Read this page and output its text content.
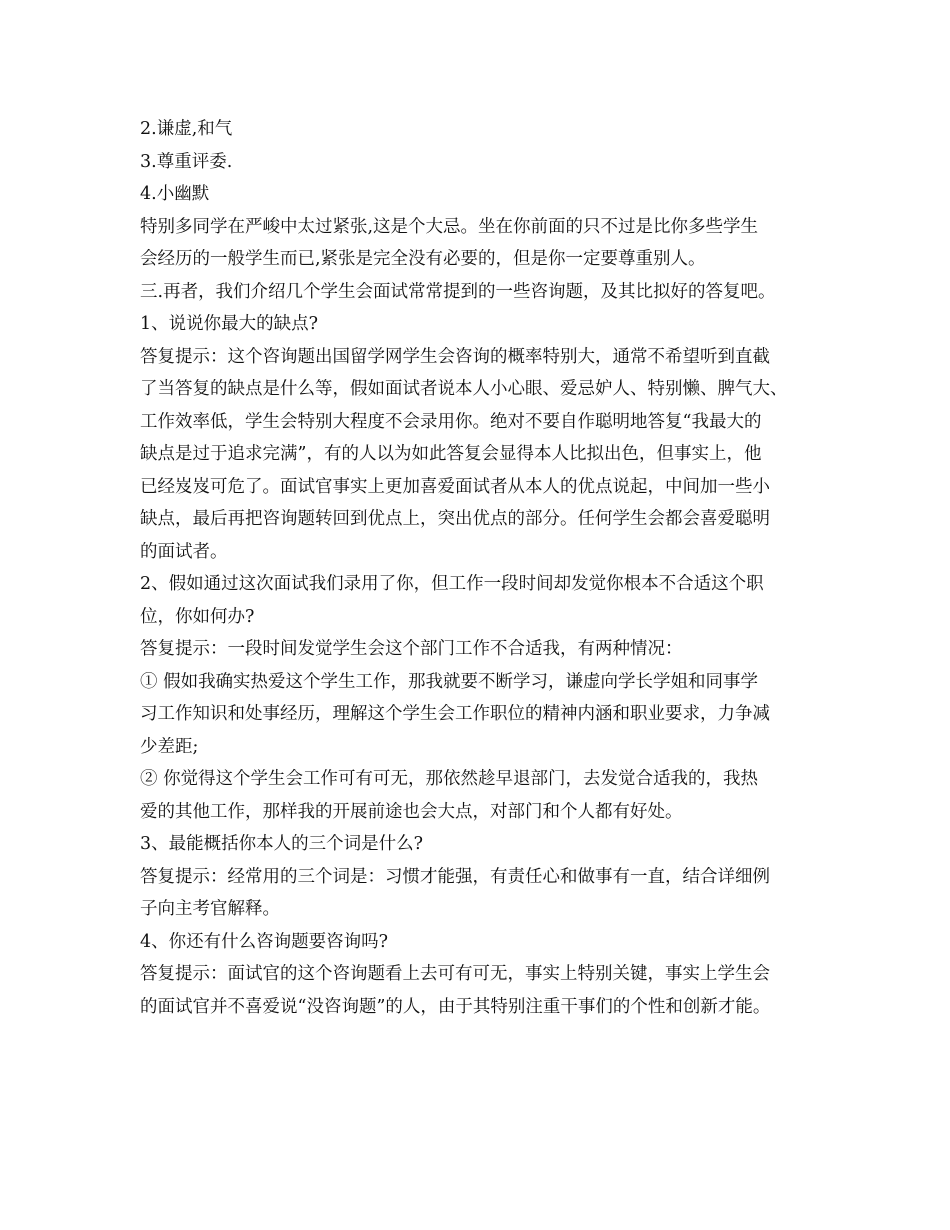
2.谦虚,和气
3.尊重评委.
4.小幽默
特别多同学在严峻中太过紧张,这是个大忌。坐在你前面的只不过是比你多些学生
会经历的一般学生而已,紧张是完全没有必要的，但是你一定要尊重别人。
三.再者，我们介绍几个学生会面试常常提到的一些咨询题，及其比拟好的答复吧。
1、说说你最大的缺点?
答复提示：这个咨询题出国留学网学生会咨询的概率特别大，通常不希望听到直截
了当答复的缺点是什么等，假如面试者说本人小心眼、爱忌妒人、特别懒、脾气大、
工作效率低，学生会特别大程度不会录用你。绝对不要自作聪明地答复“我最大的
缺点是过于追求完满”，有的人以为如此答复会显得本人比拟出色，但事实上，他
已经岌岌可危了。面试官事实上更加喜爱面试者从本人的优点说起，中间加一些小
缺点，最后再把咨询题转回到优点上，突出优点的部分。任何学生会都会喜爱聪明
的面试者。
2、假如通过这次面试我们录用了你，但工作一段时间却发觉你根本不合适这个职
位，你如何办?
答复提示：一段时间发觉学生会这个部门工作不合适我，有两种情况：
① 假如我确实热爱这个学生工作，那我就要不断学习，谦虚向学长学姐和同事学
习工作知识和处事经历，理解这个学生会工作职位的精神内涵和职业要求，力争减
少差距;
② 你觉得这个学生会工作可有可无，那依然趁早退部门，去发觉合适我的，我热
爱的其他工作，那样我的开展前途也会大点，对部门和个人都有好处。
3、最能概括你本人的三个词是什么?
答复提示：经常用的三个词是：习惯才能强，有责任心和做事有一直，结合详细例
子向主考官解释。
4、你还有什么咨询题要咨询吗?
答复提示：面试官的这个咨询题看上去可有可无，事实上特别关键，事实上学生会
的面试官并不喜爱说“没咨询题”的人，由于其特别注重干事们的个性和创新才能。
